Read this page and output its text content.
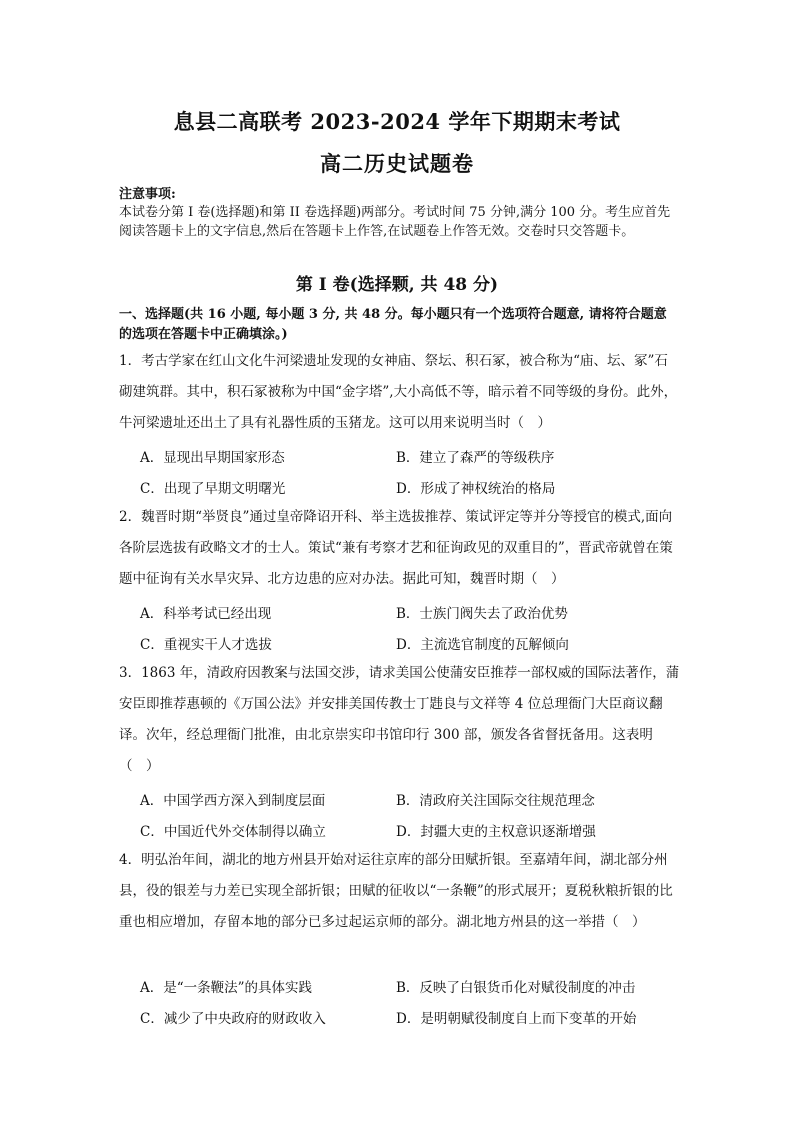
息县二高联考 2023-2024 学年下期期末考试
高二历史试题卷
注意事项:
本试卷分第 I 卷(选择题)和第 II 卷选择题)两部分。考试时间 75 分钟,满分 100 分。考生应首先阅读答题卡上的文字信息,然后在答题卡上作答,在试题卷上作答无效。交卷时只交答题卡。
第 I 卷(选择颗, 共 48 分)
一、选择题(共 16 小题, 每小题 3 分, 共 48 分。每小题只有一个选项符合题意, 请将符合题意的选项在答题卡中正确填涂。)
1．考古学家在红山文化牛河梁遗址发现的女神庙、祭坛、积石冢，被合称为“庙、坛、冢”石砌建筑群。其中，积石冢被称为中国“金字塔”,大小高低不等，暗示着不同等级的身份。此外，牛河梁遗址还出土了具有礼器性质的玉猪龙。这可以用来说明当时（　）
A．显现出早期国家形态	B．建立了森严的等级秩序
C．出现了早期文明曙光	D．形成了神权统治的格局
2．魏晋时期“举贤良”通过皇帝降诏开科、举主选拔推荐、策试评定等并分等授官的模式,面向各阶层选拔有政略文才的士人。策试“兼有考察才艺和征询政见的双重目的”，晋武帝就曾在策题中征询有关水旱灾异、北方边患的应对办法。据此可知，魏晋时期（　）
A．科举考试已经出现	B．士族门阀失去了政治优势
C．重视实干人才选拔	D．主流选官制度的瓦解倾向
3．1863 年，清政府因教案与法国交涉，请求美国公使蒲安臣推荐一部权威的国际法著作，蒲安臣即推荐惠顿的《万国公法》并安排美国传教士丁韪良与文祥等 4 位总理衙门大臣商议翻译。次年，经总理衙门批准，由北京崇实印书馆印行 300 部，颁发各省督抚备用。这表明（　）
A．中国学西方深入到制度层面	B．清政府关注国际交往规范理念
C．中国近代外交体制得以确立	D．封疆大吏的主权意识逐渐增强
4．明弘治年间，湖北的地方州县开始对运往京库的部分田赋折银。至嘉靖年间，湖北部分州县，役的银差与力差已实现全部折银；田赋的征收以“一条鞭”的形式展开；夏税秋粮折银的比重也相应增加，存留本地的部分已多过起运京师的部分。湖北地方州县的这一举措（　）
A．是“一条鞭法”的具体实践	B．反映了白银货币化对赋役制度的冲击
C．减少了中央政府的财政收入	D．是明朝赋役制度自上而下变革的开始
